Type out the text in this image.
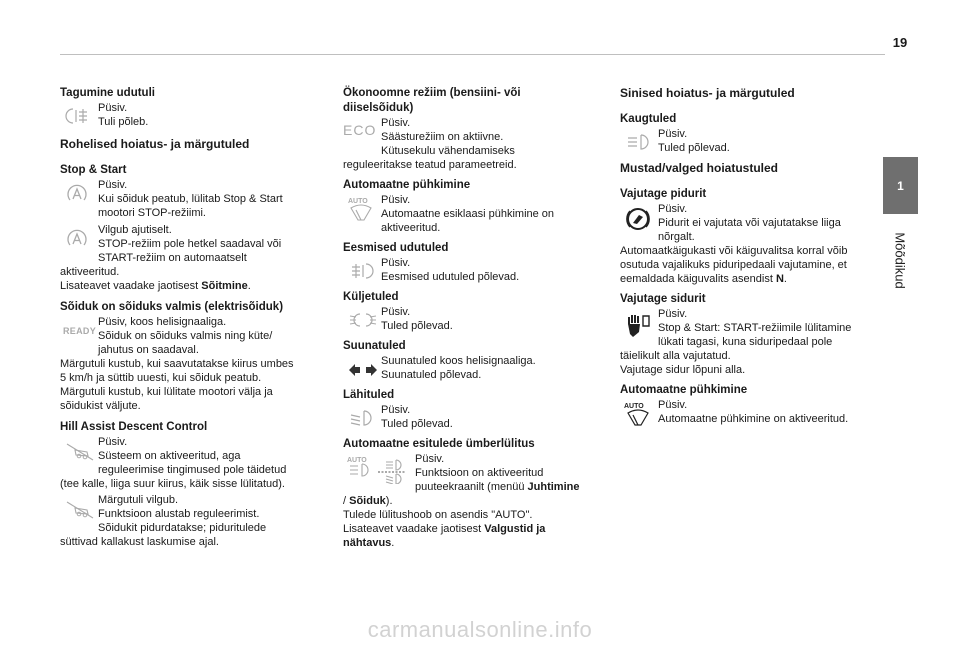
19
1
Mõõdikud

Tagumine udutuli

Püsiv.

Tuli põleb.

Rohelised hoiatus- ja märgutuled

Stop & Start

Püsiv.

Kui sõiduk peatub, lülitab Stop & Start mootori STOP-režiimi.

Vilgub ajutiselt.

STOP-režiim pole hetkel saadaval või START-režiim on automaatselt aktiveeritud.

Lisateavet vaadake jaotisest Sõitmine.

Sõiduk on sõiduks valmis (elektrisõiduk)

READY

Püsiv, koos helisignaaliga.

Sõiduk on sõiduks valmis ning küte/ jahutus on saadaval.

Märgutuli kustub, kui saavutatakse kiirus umbes 5 km/h ja süttib uuesti, kui sõiduk peatub.

Märgutuli kustub, kui lülitate mootori välja ja sõidukist väljute.

Hill Assist Descent Control

Püsiv.

Süsteem on aktiveeritud, aga reguleerimise tingimused pole täidetud (tee kalle, liiga suur kiirus, käik sisse lülitatud).

Märgutuli vilgub.

Funktsioon alustab reguleerimist.

Sõidukit pidurdatakse; piduritulede süttivad kallakust laskumise ajal.

Ökonoomne režiim (bensiini- või diiselsõiduk)

ECO Püsiv.

Säästurežiim on aktiivne.

Kütusekulu vähendamiseks reguleeritakse teatud parameetreid.

Automaatne pühkimine

AUTO	Püsiv.

Automaatne esiklaasi pühkimine on aktiveeritud.

Eesmised udutuled

Püsiv.

Eesmised udutuled põlevad.

Küljetuled

Püsiv.

Tuled põlevad.

Suunatuled

Suunatuled koos helisignaaliga.

Suunatuled põlevad.

Lähituled

Püsiv.

Tuled põlevad.

Automaatne esitulede ümberlülitus

AUTO	Püsiv.

Funktsioon on aktiveeritud puuteekraanilt (menüü Juhtimine / Sõiduk).

Tulede lülitushoob on asendis "AUTO".

Lisateavet vaadake jaotisest Valgustid ja nähtavus.

Sinised hoiatus- ja märgutuled

Kaugtuled

Püsiv.

Tuled põlevad.

Mustad/valged hoiatustuled

Vajutage pidurit

Püsiv.

Pidurit ei vajutata või vajutatakse liiga nõrgalt.

Automaatkäigukasti või käiguvalitsa korral võib osutuda vajalikuks piduripedaali vajutamine, et eemaldada käiguvalits asendist N.

Vajutage sidurit

Püsiv.

Stop & Start: START-režiimile lülitamine lükati tagasi, kuna siduripedaal pole täielikult alla vajutatud.

Vajutage sidur lõpuni alla.

Automaatne pühkimine

AUTO	Püsiv.

Automaatne pühkimine on aktiveeritud.

carmanualsonline.info
